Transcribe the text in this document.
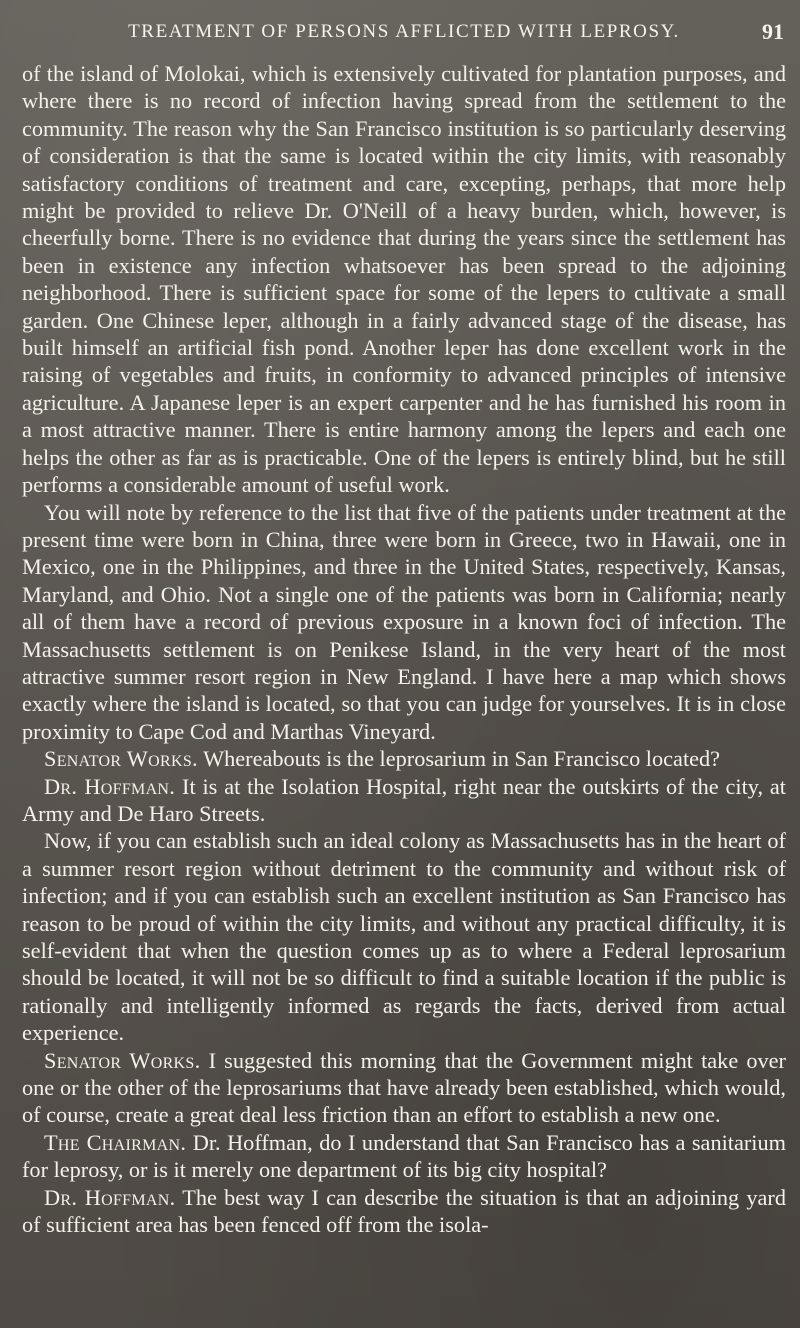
TREATMENT OF PERSONS AFFLICTED WITH LEPROSY.	91

of the island of Molokai, which is extensively cultivated for plantation purposes, and where there is no record of infection having spread from the settlement to the community. The reason why the San Francisco institution is so particularly deserving of consideration is that the same is located within the city limits, with reasonably satisfactory conditions of treatment and care, excepting, perhaps, that more help might be provided to relieve Dr. O'Neill of a heavy burden, which, however, is cheerfully borne. There is no evidence that during the years since the settlement has been in existence any infection whatsoever has been spread to the adjoining neighborhood. There is sufficient space for some of the lepers to cultivate a small garden. One Chinese leper, although in a fairly advanced stage of the disease, has built himself an artificial fish pond. Another leper has done excellent work in the raising of vegetables and fruits, in conformity to advanced principles of intensive agriculture. A Japanese leper is an expert carpenter and he has furnished his room in a most attractive manner. There is entire harmony among the lepers and each one helps the other as far as is practicable. One of the lepers is entirely blind, but he still performs a considerable amount of useful work.

You will note by reference to the list that five of the patients under treatment at the present time were born in China, three were born in Greece, two in Hawaii, one in Mexico, one in the Philippines, and three in the United States, respectively, Kansas, Maryland, and Ohio. Not a single one of the patients was born in California; nearly all of them have a record of previous exposure in a known foci of infection. The Massachusetts settlement is on Penikese Island, in the very heart of the most attractive summer resort region in New England. I have here a map which shows exactly where the island is located, so that you can judge for yourselves. It is in close proximity to Cape Cod and Marthas Vineyard.

Senator Works. Whereabouts is the leprosarium in San Francisco located?

Dr. Hoffman. It is at the Isolation Hospital, right near the outskirts of the city, at Army and De Haro Streets.

Now, if you can establish such an ideal colony as Massachusetts has in the heart of a summer resort region without detriment to the community and without risk of infection; and if you can establish such an excellent institution as San Francisco has reason to be proud of within the city limits, and without any practical difficulty, it is self-evident that when the question comes up as to where a Federal leprosarium should be located, it will not be so difficult to find a suitable location if the public is rationally and intelligently informed as regards the facts, derived from actual experience.

Senator Works. I suggested this morning that the Government might take over one or the other of the leprosariums that have already been established, which would, of course, create a great deal less friction than an effort to establish a new one.

The Chairman. Dr. Hoffman, do I understand that San Francisco has a sanitarium for leprosy, or is it merely one department of its big city hospital?

Dr. Hoffman. The best way I can describe the situation is that an adjoining yard of sufficient area has been fenced off from the isola-
